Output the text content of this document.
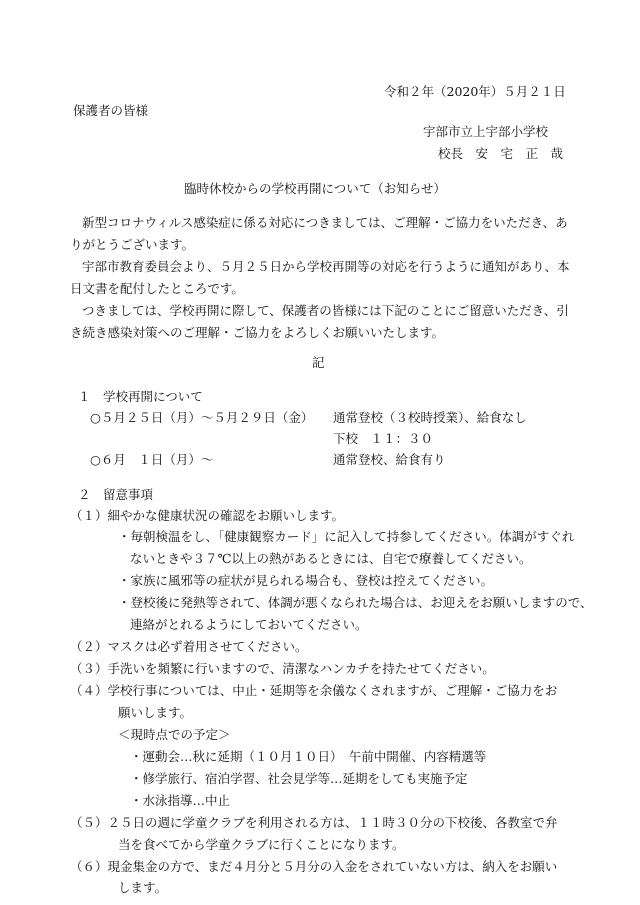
令和２年（2020年）５月２１日
保護者の皆様
宇部市立上宇部小学校
校長　安　宅　正　哉
臨時休校からの学校再開について（お知らせ）
新型コロナウィルス感染症に係る対応につきましては、ご理解・ご協力をいただき、あ
りがとうございます。
宇部市教育委員会より、５月２５日から学校再開等の対応を行うように通知があり、本
日文書を配付したところです。
つきましては、学校再開に際して、保護者の皆様には下記のことにご留意いただき、引
き続き感染対策へのご理解・ご協力をよろしくお願いいたします。
記
１　学校再開について
○５月２５日（月）～５月２９日（金） 通常登校（３校時授業）、給食なし
下校　１１：３０
○６月　１日（月）～	通常登校、給食有り
２　留意事項
（１）細やかな健康状況の確認をお願いします。
・毎朝検温をし、「健康観察カード」に記入して持参してください。体調がすぐれ
ないときや３７℃以上の熱があるときには、自宅で療養してください。
・家族に風邪等の症状が見られる場合も、登校は控えてください。
・登校後に発熱等されて、体調が悪くなられた場合は、お迎えをお願いしますので、
連絡がとれるようにしておいてください。
（２）マスクは必ず着用させてください。
（３）手洗いを頻繁に行いますので、清潔なハンカチを持たせてください。
（４）学校行事については、中止・延期等を余儀なくされますが、ご理解・ご協力をお
願いします。
＜現時点での予定＞
・運動会…秋に延期（１０月１０日）　午前中開催、内容精選等
・修学旅行、宿泊学習、社会見学等…延期をしても実施予定
・水泳指導…中止
（５）２５日の週に学童クラブを利用される方は、１１時３０分の下校後、各教室で弁
当を食べてから学童クラブに行くことになります。
（６）現金集金の方で、まだ４月分と５月分の入金をされていない方は、納入をお願い
します。
